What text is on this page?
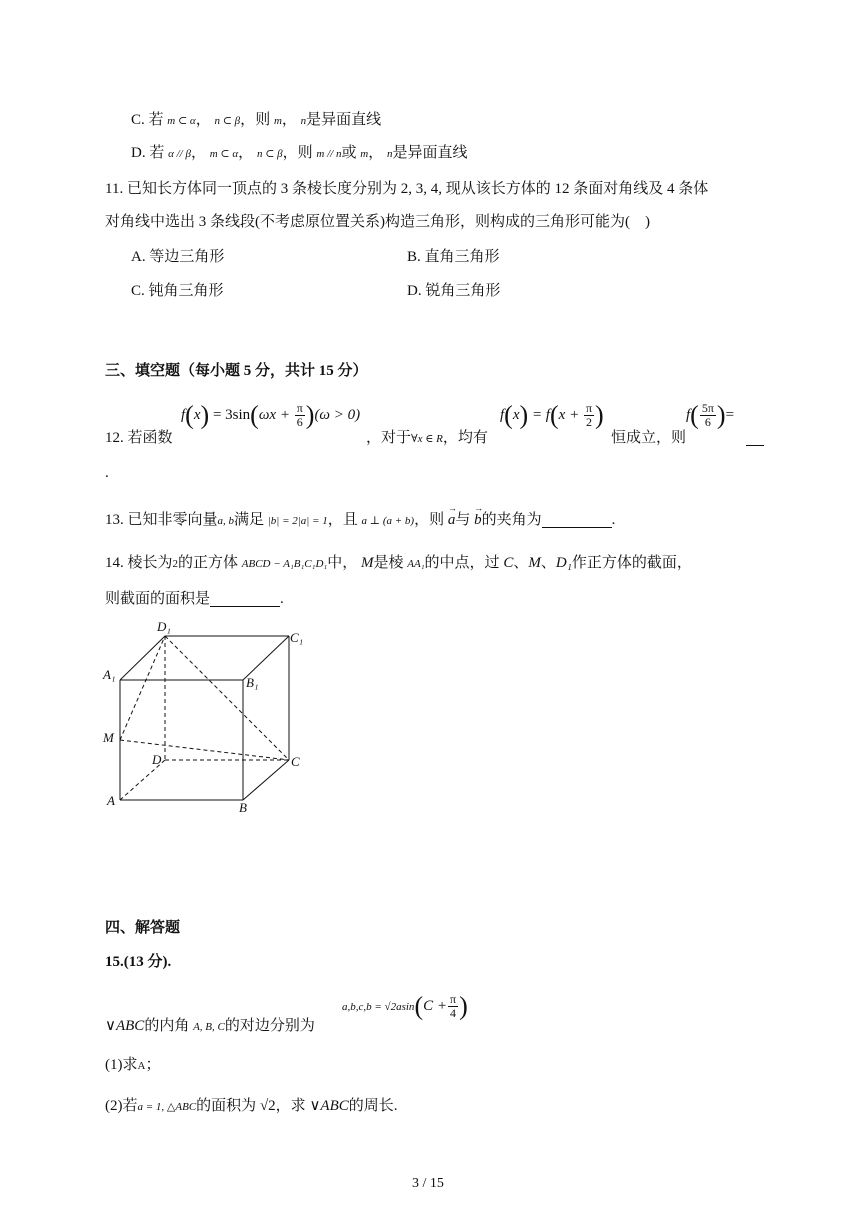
C. 若 m ⊂ α， n ⊂ β，则 m， n是异面直线
D. 若 α // β， m ⊂ α， n ⊂ β，则 m // n或 m， n是异面直线
11. 已知长方体同一顶点的 3 条棱长度分别为 2, 3, 4, 现从该长方体的 12 条面对角线及 4 条体
对角线中选出 3 条线段(不考虑原位置关系)构造三角形，则构成的三角形可能为(　)
A. 等边三角形	B. 直角三角形
C. 钝角三角形	D. 锐角三角形
三、填空题（每小题 5 分，共计 15 分）
12. 若函数
$f(x) = 3\sin(\omega x + \frac{\pi}{6} )(\omega > 0)$
，对于∀x ∈ R，均有
$f(x) = f(x + \frac{\pi}{2}$ )
恒成立，则
$f( \frac{5\pi}{6}$ )=
.
13. 已知非零向量a, b满足 |b| = 2|a| = 1，且 a ⊥ (a + b)，则 → a与 → b的夹角为	.
14. 棱长为2的正方体 ABCD − A₁B₁C₁D₁中， M是棱 AA₁的中点，过 C、M、D₁作正方体的截面，
则截面的面积是	.
D₁
C₁
A₁
B₁
M
D	C
A	B
四、解答题
15.(13 分).
∨ABC的内角 A, B, C的对边分别为
$a,b,c,b = √2asin(C + \frac{\pi}{4}$ )
(1)求A；
(2)若a = 1, △ABC的面积为 √2，求 ∨ABC的周长.
3 / 15
